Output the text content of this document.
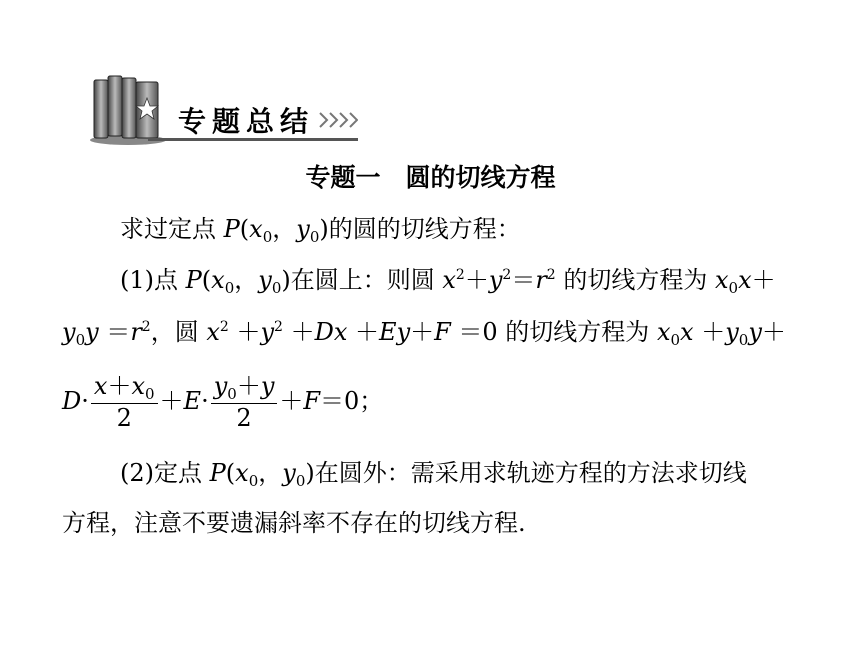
专题总结
专题一　圆的切线方程
求过定点 $P(x_0$，$y_0$)的圆的切线方程：
(1)点 $P(x_0$，$y_0$)在圆上：则圆 $x^2+y^2=r^2$ 的切线方程为 $x_0x+$
$y_0y =r^2$，圆 $x^2 +y^2 +Dx +Ey+F =0$ 的切线方程为 $x_0x +y_0y+$
$D\cdot \frac{x+x_0}{2} +E\cdot \frac{y_0+y}{2} +F=0$；
(2)定点 $P(x_0$，$y_0$)在圆外：需采用求轨迹方程的方法求切线
方程，注意不要遗漏斜率不存在的切线方程.
